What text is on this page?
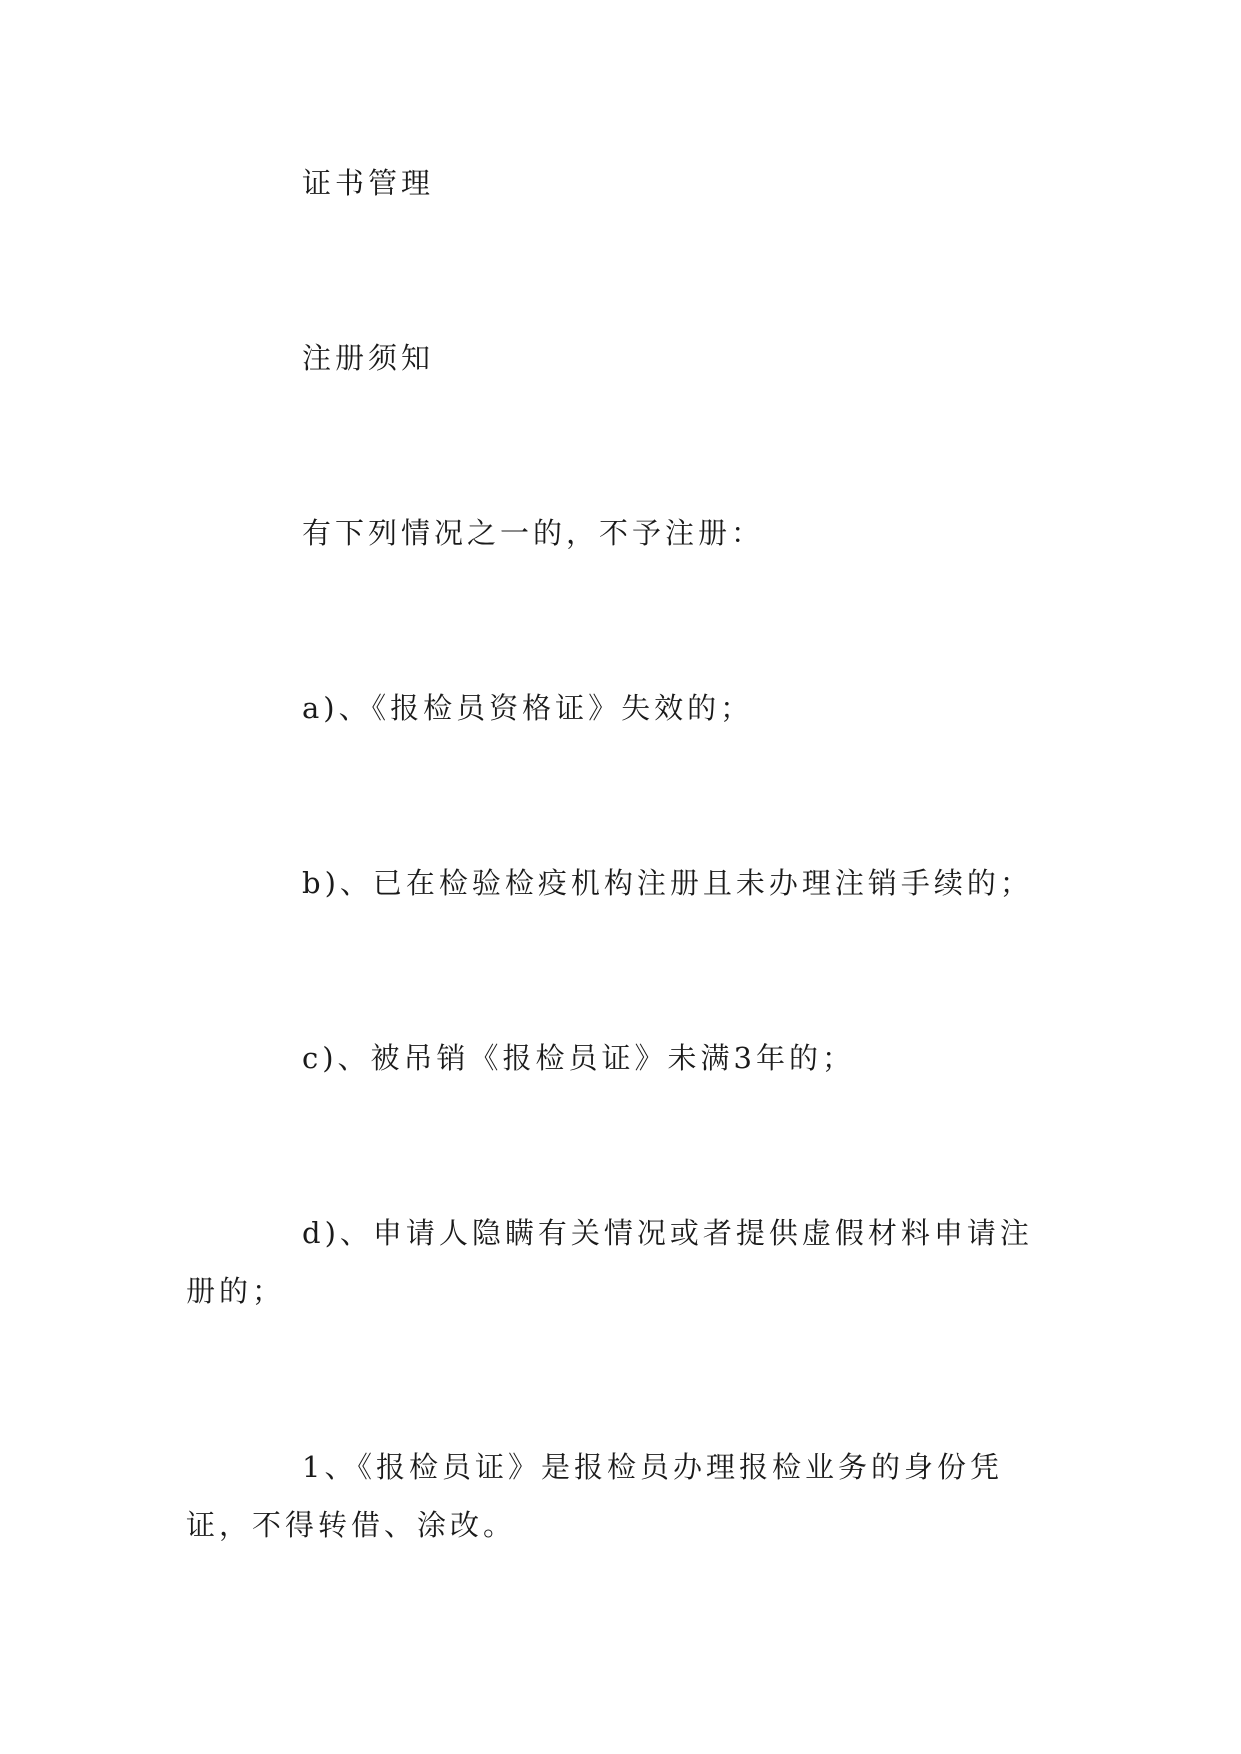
证书管理

注册须知

有下列情况之一的，不予注册：

a)、《报检员资格证》失效的；

b)、已在检验检疫机构注册且未办理注销手续的；

c)、被吊销《报检员证》未满3年的；

d)、申请人隐瞒有关情况或者提供虚假材料申请注册的；

1、《报检员证》是报检员办理报检业务的身份凭证，不得转借、涂改。
